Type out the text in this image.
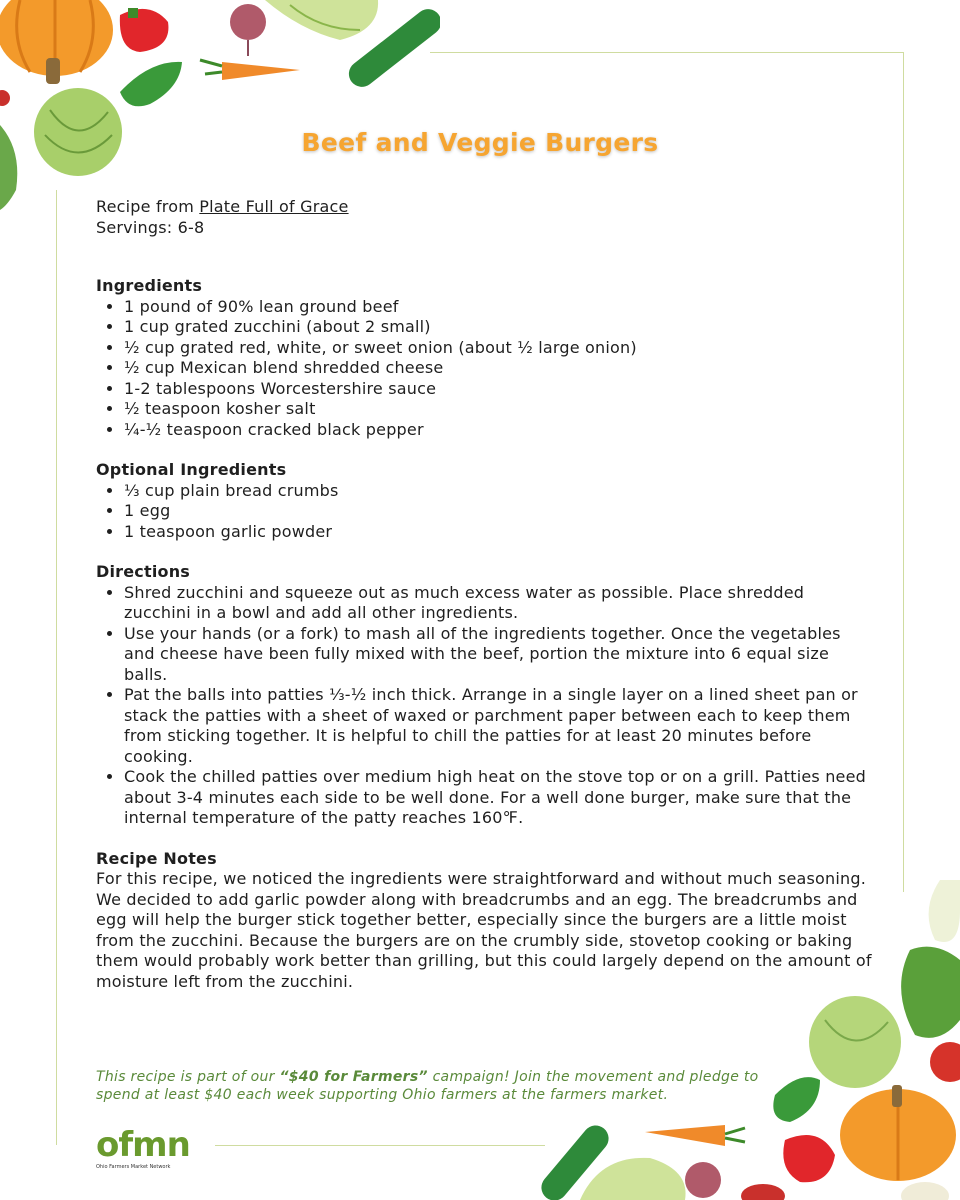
Beef and Veggie Burgers

Recipe from Plate Full of Grace

Servings: 6-8

Ingredients
• 1 pound of 90% lean ground beef
• 1 cup grated zucchini (about 2 small)
• ½ cup grated red, white, or sweet onion (about ½ large onion)
• ½ cup Mexican blend shredded cheese
• 1-2 tablespoons Worcestershire sauce
• ½ teaspoon kosher salt
• ¼-½ teaspoon cracked black pepper
Optional Ingredients
• ⅓ cup plain bread crumbs
• 1 egg
• 1 teaspoon garlic powder
Directions
• Shred zucchini and squeeze out as much excess water as possible. Place shredded zucchini in a bowl and add all other ingredients.
• Use your hands (or a fork) to mash all of the ingredients together. Once the vegetables and cheese have been fully mixed with the beef, portion the mixture into 6 equal size balls.
• Pat the balls into patties ⅓-½ inch thick. Arrange in a single layer on a lined sheet pan or stack the patties with a sheet of waxed or parchment paper between each to keep them from sticking together. It is helpful to chill the patties for at least 20 minutes before cooking.
• Cook the chilled patties over medium high heat on the stove top or on a grill. Patties need about 3-4 minutes each side to be well done. For a well done burger, make sure that the internal temperature of the patty reaches 160℉.
Recipe Notes

For this recipe, we noticed the ingredients were straightforward and without much seasoning. We decided to add garlic powder along with breadcrumbs and an egg. The breadcrumbs and egg will help the burger stick together better, especially since the burgers are a little moist from the zucchini. Because the burgers are on the crumbly side, stovetop cooking or baking them would probably work better than grilling, but this could largely depend on the amount of moisture left from the zucchini.

This recipe is part of our “$40 for Farmers” campaign! Join the movement and pledge to spend at least $40 each week supporting Ohio farmers at the farmers market.
ofmn
Ohio Farmers Market Network
